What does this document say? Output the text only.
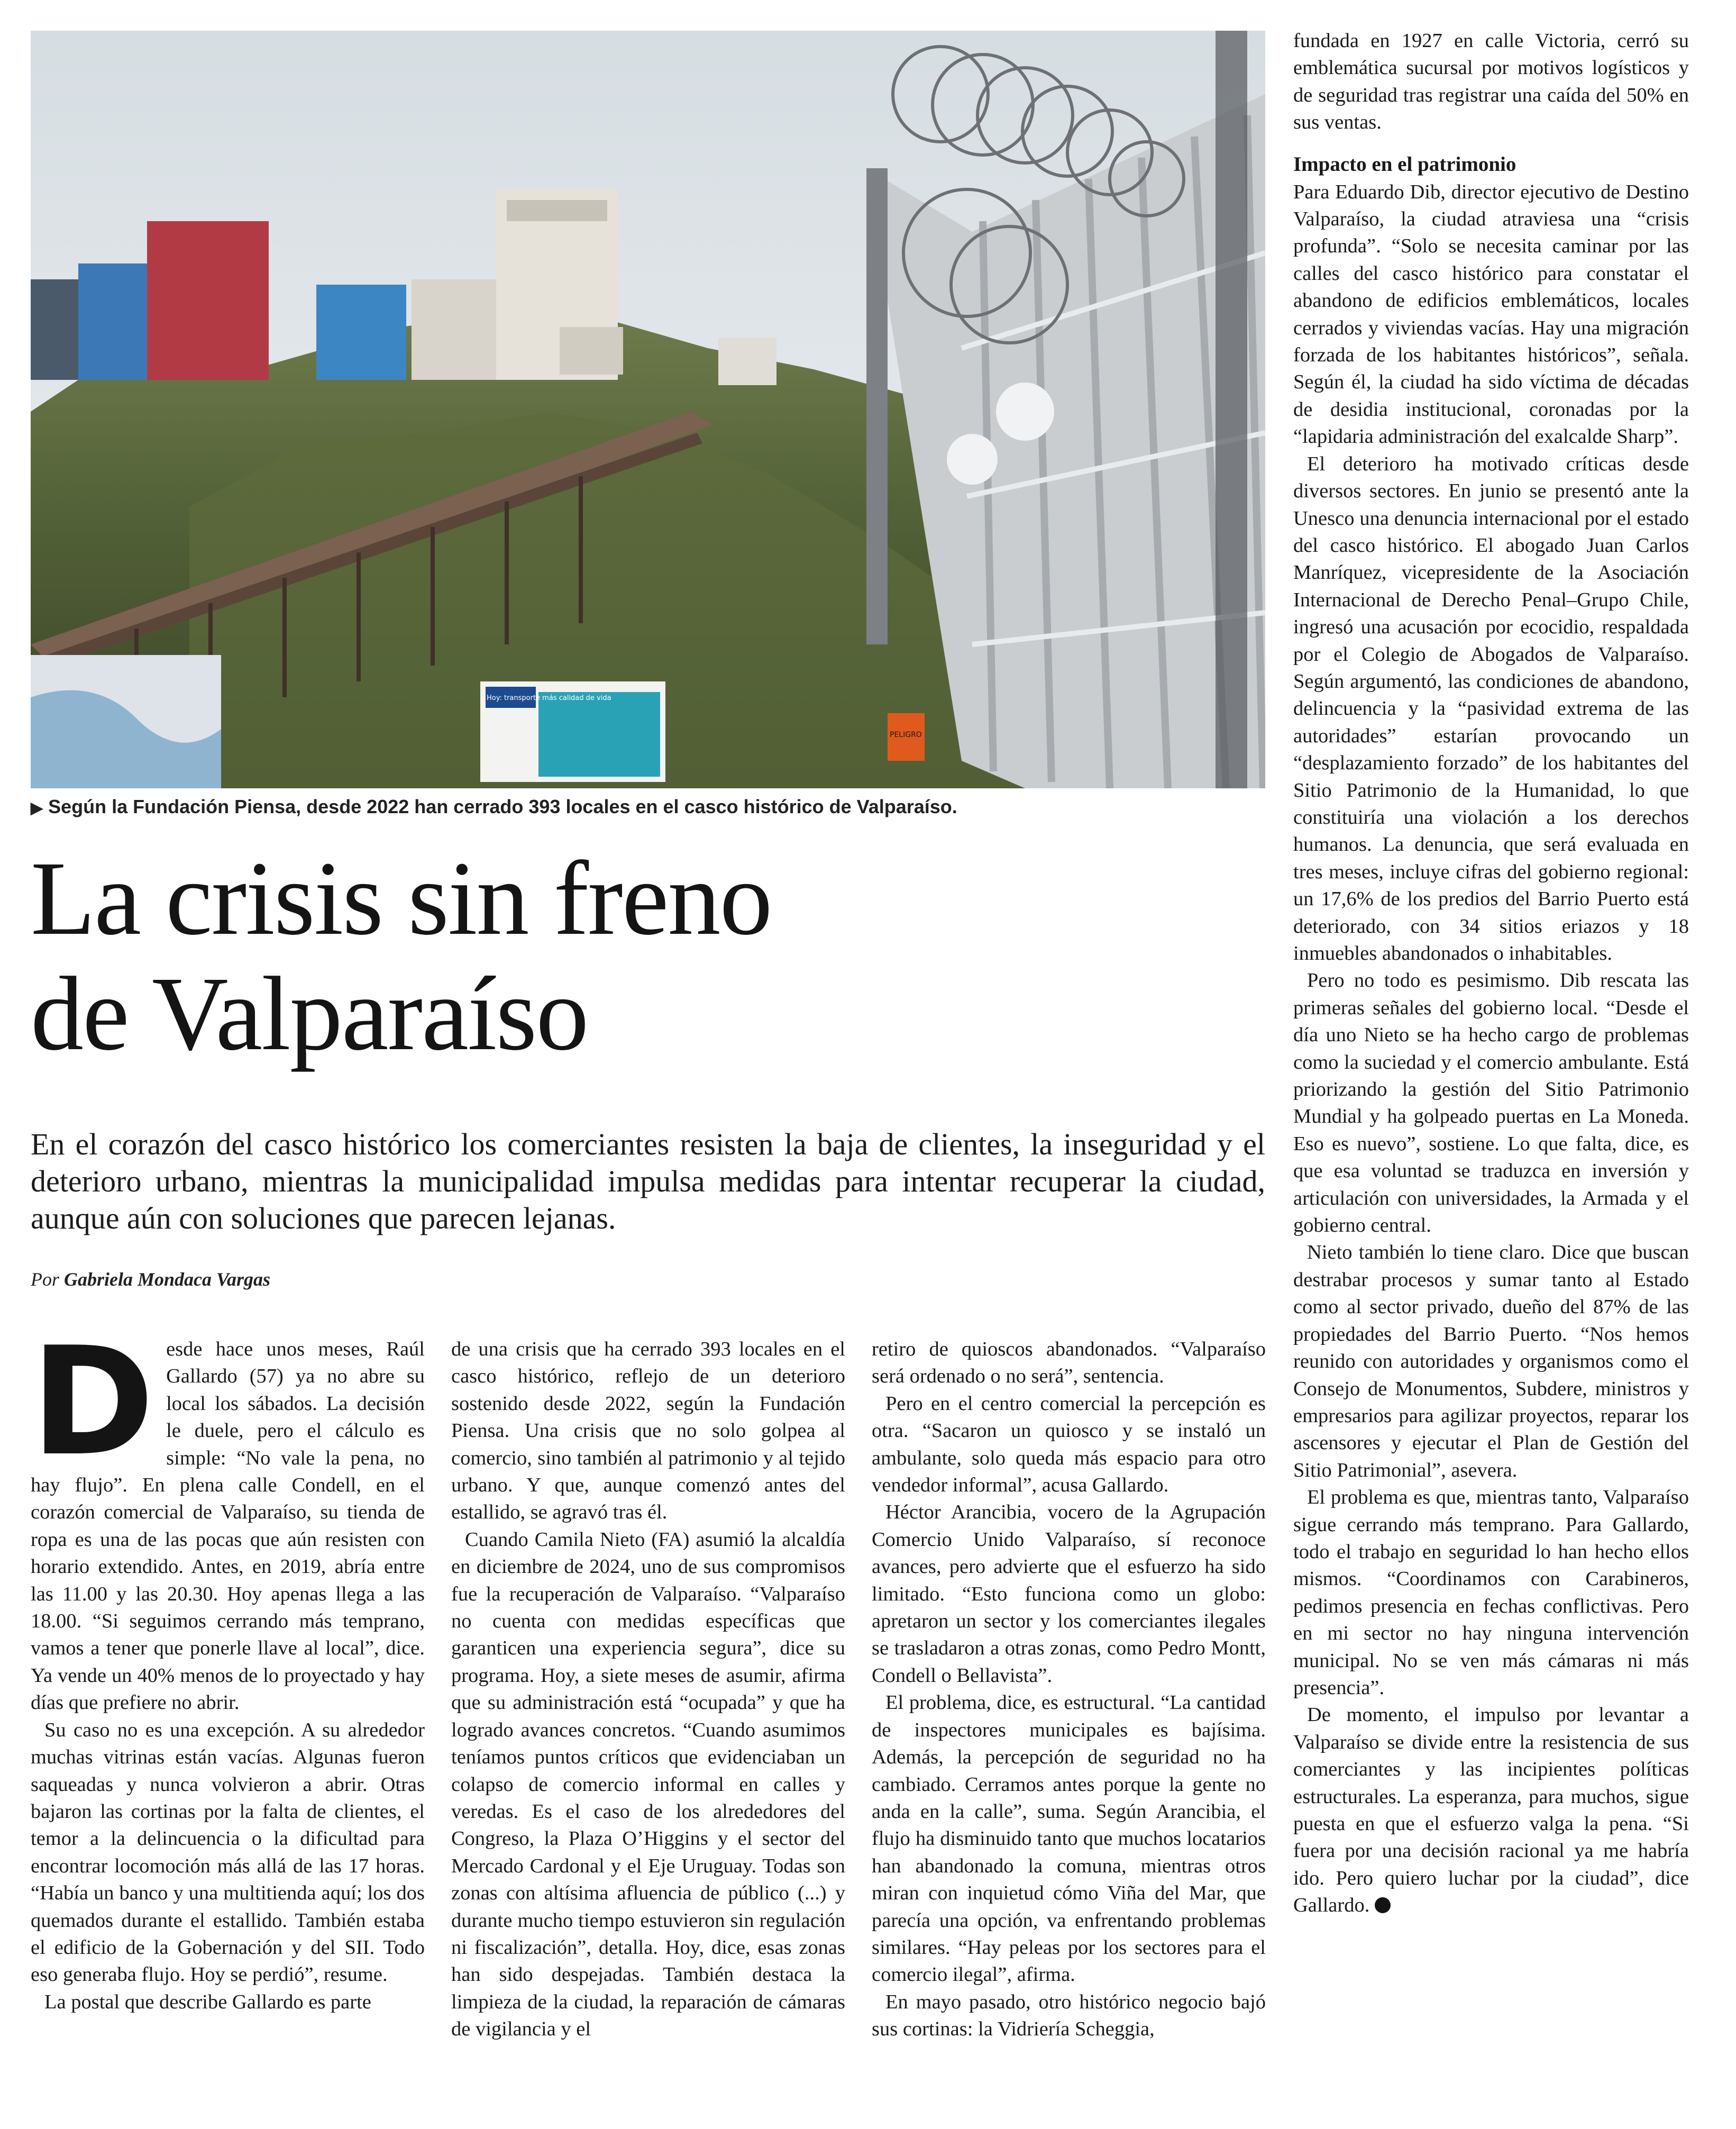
Hoy: transporte más calidad de vida
PELIGRO
▶ Según la Fundación Piensa, desde 2022 han cerrado 393 locales en el casco histórico de Valparaíso.
La crisis sin freno
de Valparaíso

En el corazón del casco histórico los comerciantes resisten la baja de clientes, la inseguridad y el deterioro urbano, mientras la municipalidad impulsa medidas para intentar recuperar la ciudad, aunque aún con soluciones que parecen lejanas.

Por Gabriela Mondaca Vargas
D esde hace unos meses, Raúl Gallardo (57) ya no abre su local los sábados. La decisión le duele, pero el cálculo es simple: “No vale la pena, no hay flujo”. En plena calle Condell, en el corazón comercial de Valparaíso, su tienda de ropa es una de las pocas que aún resisten con horario extendido. Antes, en 2019, abría entre las 11.00 y las 20.30. Hoy apenas llega a las 18.00. “Si seguimos cerrando más temprano, vamos a tener que ponerle llave al local”, dice. Ya vende un 40% menos de lo proyectado y hay días que prefiere no abrir.

Su caso no es una excepción. A su alrededor muchas vitrinas están vacías. Algunas fueron saqueadas y nunca volvieron a abrir. Otras bajaron las cortinas por la falta de clientes, el temor a la delincuencia o la dificultad para encontrar locomoción más allá de las 17 horas. “Había un banco y una multitienda aquí; los dos quemados durante el estallido. También estaba el edificio de la Gobernación y del SII. Todo eso generaba flujo. Hoy se perdió”, resume.

La postal que describe Gallardo es parte

de una crisis que ha cerrado 393 locales en el casco histórico, reflejo de un deterioro sostenido desde 2022, según la Fundación Piensa. Una crisis que no solo golpea al comercio, sino también al patrimonio y al tejido urbano. Y que, aunque comenzó antes del estallido, se agravó tras él.

Cuando Camila Nieto (FA) asumió la alcaldía en diciembre de 2024, uno de sus compromisos fue la recuperación de Valparaíso. “Valparaíso no cuenta con medidas específicas que garanticen una experiencia segura”, dice su programa. Hoy, a siete meses de asumir, afirma que su administración está “ocupada” y que ha logrado avances concretos. “Cuando asumimos teníamos puntos críticos que evidenciaban un colapso de comercio informal en calles y veredas. Es el caso de los alrededores del Congreso, la Plaza O’Higgins y el sector del Mercado Cardonal y el Eje Uruguay. Todas son zonas con altísima afluencia de público (...) y durante mucho tiempo estuvieron sin regulación ni fiscalización”, detalla. Hoy, dice, esas zonas han sido despejadas. También destaca la limpieza de la ciudad, la reparación de cámaras de vigilancia y el

retiro de quioscos abandonados. “Valparaíso será ordenado o no será”, sentencia.

Pero en el centro comercial la percepción es otra. “Sacaron un quiosco y se instaló un ambulante, solo queda más espacio para otro vendedor informal”, acusa Gallardo.

Héctor Arancibia, vocero de la Agrupación Comercio Unido Valparaíso, sí reconoce avances, pero advierte que el esfuerzo ha sido limitado. “Esto funciona como un globo: apretaron un sector y los comerciantes ilegales se trasladaron a otras zonas, como Pedro Montt, Condell o Bellavista”.

El problema, dice, es estructural. “La cantidad de inspectores municipales es bajísima. Además, la percepción de seguridad no ha cambiado. Cerramos antes porque la gente no anda en la calle”, suma. Según Arancibia, el flujo ha disminuido tanto que muchos locatarios han abandonado la comuna, mientras otros miran con inquietud cómo Viña del Mar, que parecía una opción, va enfrentando problemas similares. “Hay peleas por los sectores para el comercio ilegal”, afirma.

En mayo pasado, otro histórico negocio bajó sus cortinas: la Vidriería Scheggia,

fundada en 1927 en calle Victoria, cerró su emblemática sucursal por motivos logísticos y de seguridad tras registrar una caída del 50% en sus ventas.

Impacto en el patrimonio

Para Eduardo Dib, director ejecutivo de Destino Valparaíso, la ciudad atraviesa una “crisis profunda”. “Solo se necesita caminar por las calles del casco histórico para constatar el abandono de edificios emblemáticos, locales cerrados y viviendas vacías. Hay una migración forzada de los habitantes históricos”, señala. Según él, la ciudad ha sido víctima de décadas de desidia institucional, coronadas por la “lapidaria administración del exalcalde Sharp”.

El deterioro ha motivado críticas desde diversos sectores. En junio se presentó ante la Unesco una denuncia internacional por el estado del casco histórico. El abogado Juan Carlos Manríquez, vicepresidente de la Asociación Internacional de Derecho Penal–Grupo Chile, ingresó una acusación por ecocidio, respaldada por el Colegio de Abogados de Valparaíso. Según argumentó, las condiciones de abandono, delincuencia y la “pasividad extrema de las autoridades” estarían provocando un “desplazamiento forzado” de los habitantes del Sitio Patrimonio de la Humanidad, lo que constituiría una violación a los derechos humanos. La denuncia, que será evaluada en tres meses, incluye cifras del gobierno regional: un 17,6% de los predios del Barrio Puerto está deteriorado, con 34 sitios eriazos y 18 inmuebles abandonados o inhabitables.

Pero no todo es pesimismo. Dib rescata las primeras señales del gobierno local. “Desde el día uno Nieto se ha hecho cargo de problemas como la suciedad y el comercio ambulante. Está priorizando la gestión del Sitio Patrimonio Mundial y ha golpeado puertas en La Moneda. Eso es nuevo”, sostiene. Lo que falta, dice, es que esa voluntad se traduzca en inversión y articulación con universidades, la Armada y el gobierno central.

Nieto también lo tiene claro. Dice que buscan destrabar procesos y sumar tanto al Estado como al sector privado, dueño del 87% de las propiedades del Barrio Puerto. “Nos hemos reunido con autoridades y organismos como el Consejo de Monumentos, Subdere, ministros y empresarios para agilizar proyectos, reparar los ascensores y ejecutar el Plan de Gestión del Sitio Patrimonial”, asevera.

El problema es que, mientras tanto, Valparaíso sigue cerrando más temprano. Para Gallardo, todo el trabajo en seguridad lo han hecho ellos mismos. “Coordinamos con Carabineros, pedimos presencia en fechas conflictivas. Pero en mi sector no hay ninguna intervención municipal. No se ven más cámaras ni más presencia”.

De momento, el impulso por levantar a Valparaíso se divide entre la resistencia de sus comerciantes y las incipientes políticas estructurales. La esperanza, para muchos, sigue puesta en que el esfuerzo valga la pena. “Si fuera por una decisión racional ya me habría ido. Pero quiero luchar por la ciudad”, dice Gallardo.
